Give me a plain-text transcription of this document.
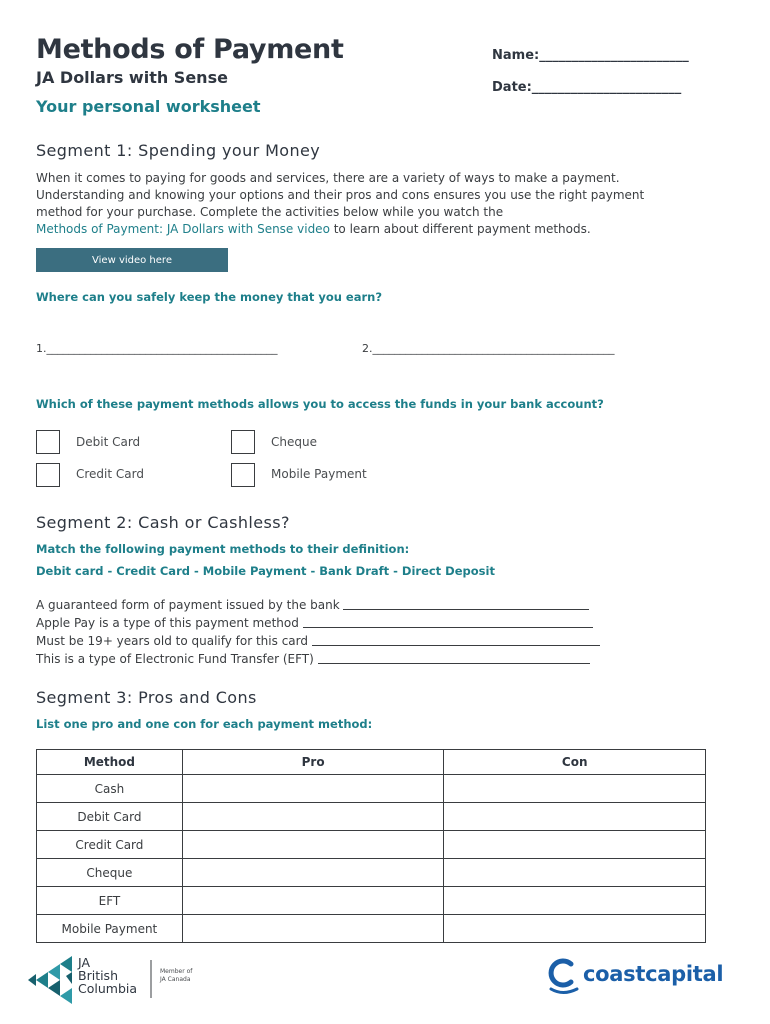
Methods of Payment
JA Dollars with Sense
Your personal worksheet
Name:_______________________
Date:_______________________
Segment 1: Spending your Money
When it comes to paying for goods and services, there are a variety of ways to make a payment.
Understanding and knowing your options and their pros and cons ensures you use the right payment
method for your purchase. Complete the activities below while you watch the
Methods of Payment: JA Dollars with Sense video to learn about different payment methods.
View video here
Where can you safely keep the money that you earn?
1.__________________________________________	2.____________________________________________
Which of these payment methods allows you to access the funds in your bank account?
Debit Card	Cheque
Credit Card	Mobile Payment
Segment 2: Cash or Cashless?
Match the following payment methods to their definition:
Debit card - Credit Card - Mobile Payment - Bank Draft - Direct Deposit
A guaranteed form of payment issued by the bank
Apple Pay is a type of this payment method
Must be 19+ years old to qualify for this card
This is a type of Electronic Fund Transfer (EFT)
Segment 3: Pros and Cons
List one pro and one con for each payment method:
Method	Pro	Con
Cash		
Debit Card		
Credit Card		
Cheque		
EFT		
Mobile Payment		
JA
British
Columbia
Member of
JA Canada	coastcapital
